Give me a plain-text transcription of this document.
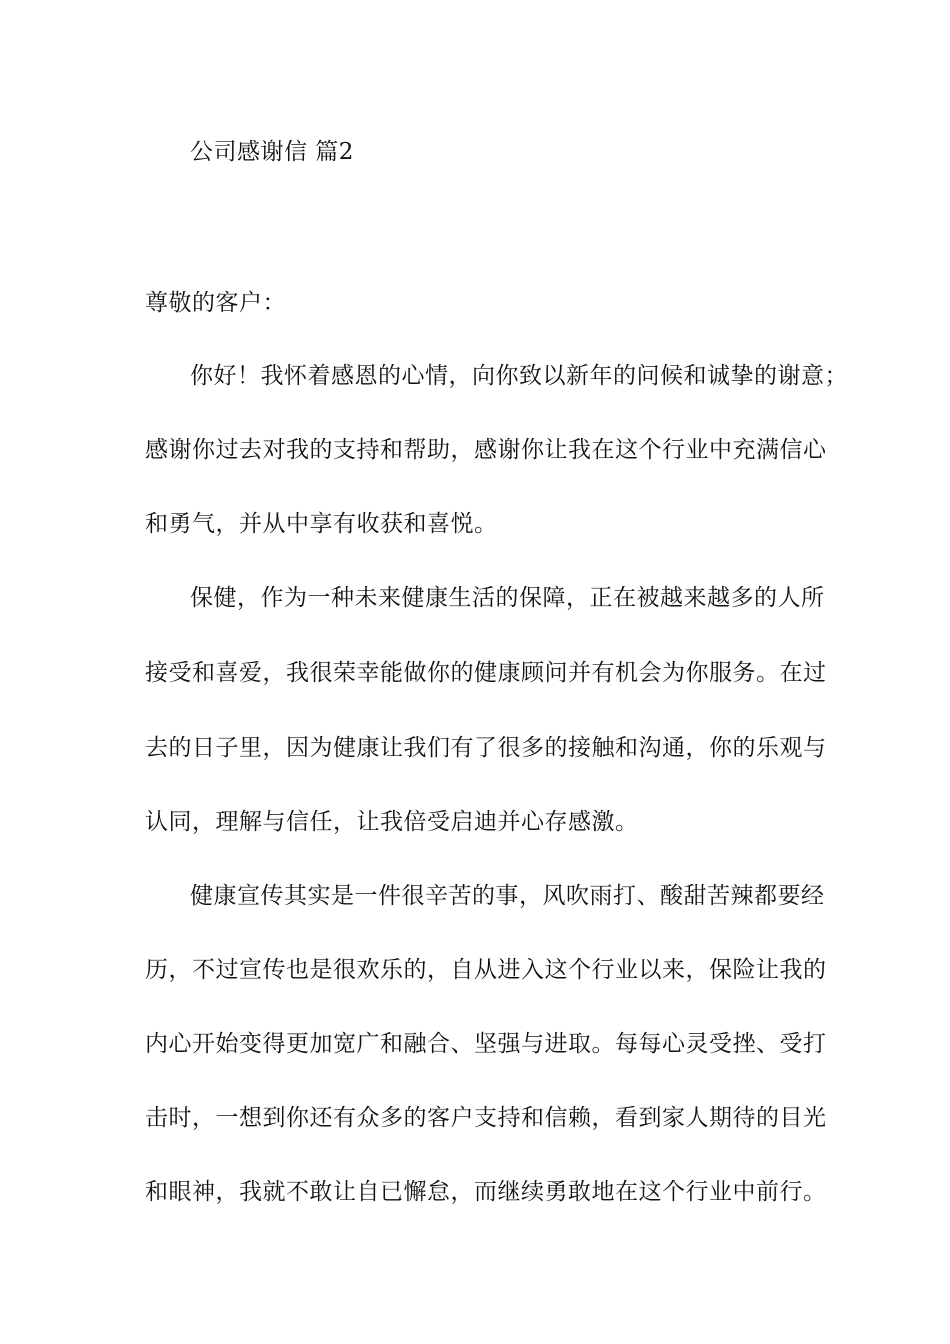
公司感谢信 篇2
尊敬的客户：
你好！我怀着感恩的心情，向你致以新年的问候和诚挚的谢意；
感谢你过去对我的支持和帮助，感谢你让我在这个行业中充满信心
和勇气，并从中享有收获和喜悦。
保健，作为一种未来健康生活的保障，正在被越来越多的人所
接受和喜爱，我很荣幸能做你的健康顾问并有机会为你服务。在过
去的日子里，因为健康让我们有了很多的接触和沟通，你的乐观与
认同，理解与信任，让我倍受启迪并心存感激。
健康宣传其实是一件很辛苦的事，风吹雨打、酸甜苦辣都要经
历，不过宣传也是很欢乐的，自从进入这个行业以来，保险让我的
内心开始变得更加宽广和融合、坚强与进取。每每心灵受挫、受打
击时，一想到你还有众多的客户支持和信赖，看到家人期待的目光
和眼神，我就不敢让自已懈怠，而继续勇敢地在这个行业中前行。
